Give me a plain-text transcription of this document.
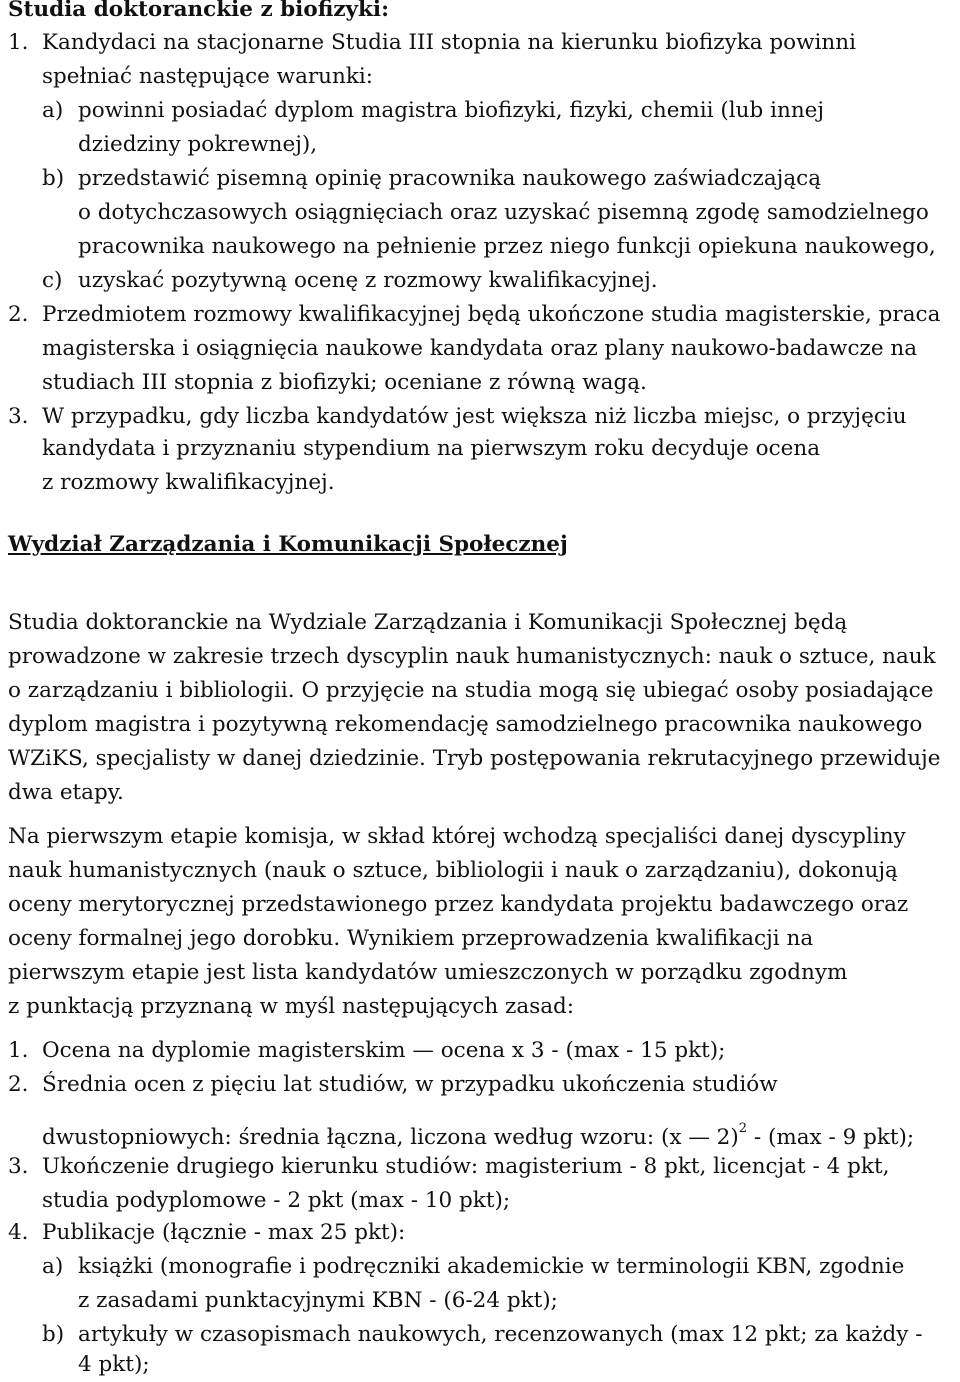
Studia doktoranckie z biofizyki:
1. Kandydaci na stacjonarne Studia III stopnia na kierunku biofizyka powinni
spełniać następujące warunki:
a) powinni posiadać dyplom magistra biofizyki, fizyki, chemii (lub innej
dziedziny pokrewnej),
b) przedstawić pisemną opinię pracownika naukowego zaświadczającą
o dotychczasowych osiągnięciach oraz uzyskać pisemną zgodę samodzielnego
pracownika naukowego na pełnienie przez niego funkcji opiekuna naukowego,
c) uzyskać pozytywną ocenę z rozmowy kwalifikacyjnej.
2. Przedmiotem rozmowy kwalifikacyjnej będą ukończone studia magisterskie, praca
magisterska i osiągnięcia naukowe kandydata oraz plany naukowo-badawcze na
studiach III stopnia z biofizyki; oceniane z równą wagą.
3. W przypadku, gdy liczba kandydatów jest większa niż liczba miejsc, o przyjęciu
kandydata i przyznaniu stypendium na pierwszym roku decyduje ocena
z rozmowy kwalifikacyjnej.
Wydział Zarządzania i Komunikacji Społecznej
Studia doktoranckie na Wydziale Zarządzania i Komunikacji Społecznej będą
prowadzone w zakresie trzech dyscyplin nauk humanistycznych: nauk o sztuce, nauk
o zarządzaniu i bibliologii. O przyjęcie na studia mogą się ubiegać osoby posiadające
dyplom magistra i pozytywną rekomendację samodzielnego pracownika naukowego
WZiKS, specjalisty w danej dziedzinie. Tryb postępowania rekrutacyjnego przewiduje
dwa etapy.
Na pierwszym etapie komisja, w skład której wchodzą specjaliści danej dyscypliny
nauk humanistycznych (nauk o sztuce, bibliologii i nauk o zarządzaniu), dokonują
oceny merytorycznej przedstawionego przez kandydata projektu badawczego oraz
oceny formalnej jego dorobku. Wynikiem przeprowadzenia kwalifikacji na
pierwszym etapie jest lista kandydatów umieszczonych w porządku zgodnym
z punktacją przyznaną w myśl następujących zasad:
1. Ocena na dyplomie magisterskim — ocena x 3 - (max - 15 pkt);
2. Średnia ocen z pięciu lat studiów, w przypadku ukończenia studiów
dwustopniowych: średnia łączna, liczona według wzoru: (x — 2)$^2$ - (max - 9 pkt);
3. Ukończenie drugiego kierunku studiów: magisterium - 8 pkt, licencjat - 4 pkt,
studia podyplomowe - 2 pkt (max - 10 pkt);
4. Publikacje (łącznie - max 25 pkt):
a) książki (monografie i podręczniki akademickie w terminologii KBN, zgodnie
z zasadami punktacyjnymi KBN - (6-24 pkt);
b) artykuły w czasopismach naukowych, recenzowanych (max 12 pkt; za każdy -
4 pkt);
